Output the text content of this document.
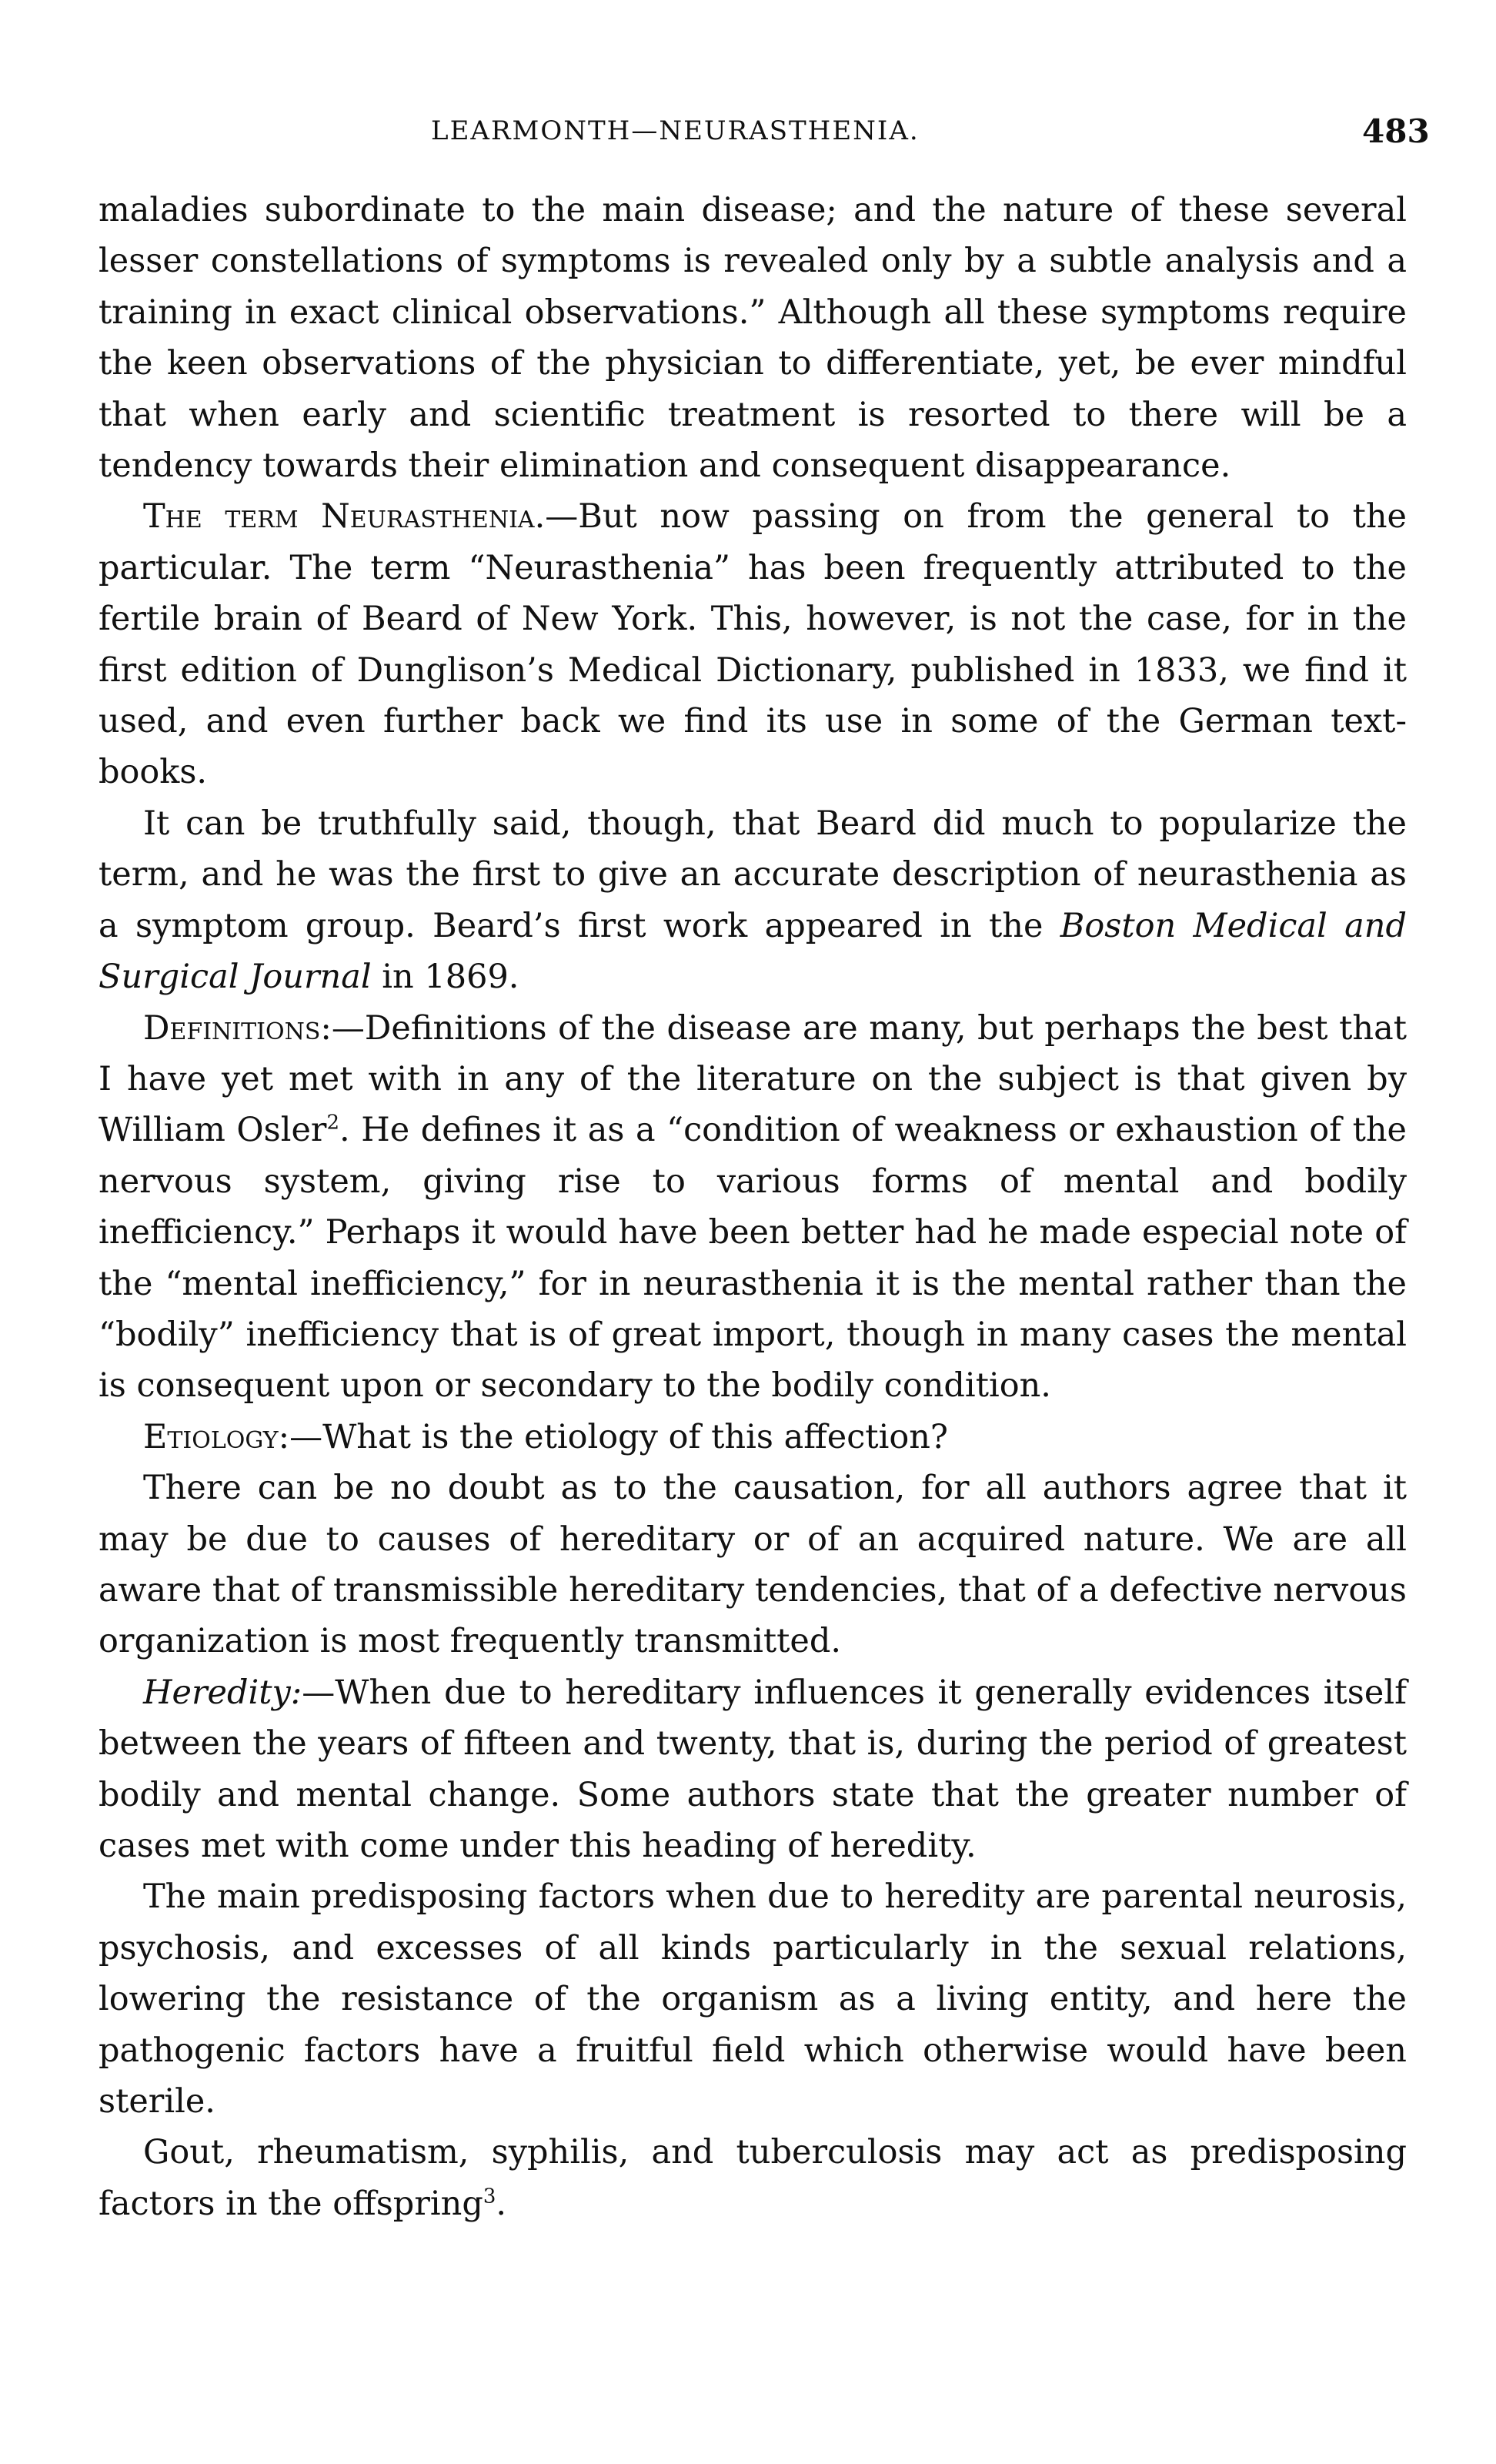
LEARMONTH—NEURASTHENIA.	483

maladies subordinate to the main disease; and the nature of these several lesser constellations of symptoms is revealed only by a subtle analysis and a training in exact clinical observations.” Although all these symptoms require the keen observations of the physician to differentiate, yet, be ever mindful that when early and scientific treatment is resorted to there will be a tendency towards their elimination and consequent disappearance.

The term Neurasthenia.—But now passing on from the general to the particular. The term “Neurasthenia” has been frequently attributed to the fertile brain of Beard of New York. This, however, is not the case, for in the first edition of Dunglison’s Medical Dictionary, published in 1833, we find it used, and even further back we find its use in some of the German text-books.

It can be truthfully said, though, that Beard did much to popularize the term, and he was the first to give an accurate description of neurasthenia as a symptom group. Beard’s first work appeared in the Boston Medical and Surgical Journal in 1869.

Definitions:—Definitions of the disease are many, but perhaps the best that I have yet met with in any of the literature on the subject is that given by William Osler$^2$. He defines it as a “condition of weakness or exhaustion of the nervous system, giving rise to various forms of mental and bodily inefficiency.” Perhaps it would have been better had he made especial note of the “mental inefficiency,” for in neurasthenia it is the mental rather than the “bodily” inefficiency that is of great import, though in many cases the mental is consequent upon or secondary to the bodily condition.

Etiology:—What is the etiology of this affection?

There can be no doubt as to the causation, for all authors agree that it may be due to causes of hereditary or of an acquired nature. We are all aware that of transmissible hereditary tendencies, that of a defective nervous organization is most frequently transmitted.

Heredity:—When due to hereditary influences it generally evidences itself between the years of fifteen and twenty, that is, during the period of greatest bodily and mental change. Some authors state that the greater number of cases met with come under this heading of heredity.

The main predisposing factors when due to heredity are parental neurosis, psychosis, and excesses of all kinds particularly in the sexual relations, lowering the resistance of the organism as a living entity, and here the pathogenic factors have a fruitful field which otherwise would have been sterile.

Gout, rheumatism, syphilis, and tuberculosis may act as predisposing factors in the offspring$^3$.
